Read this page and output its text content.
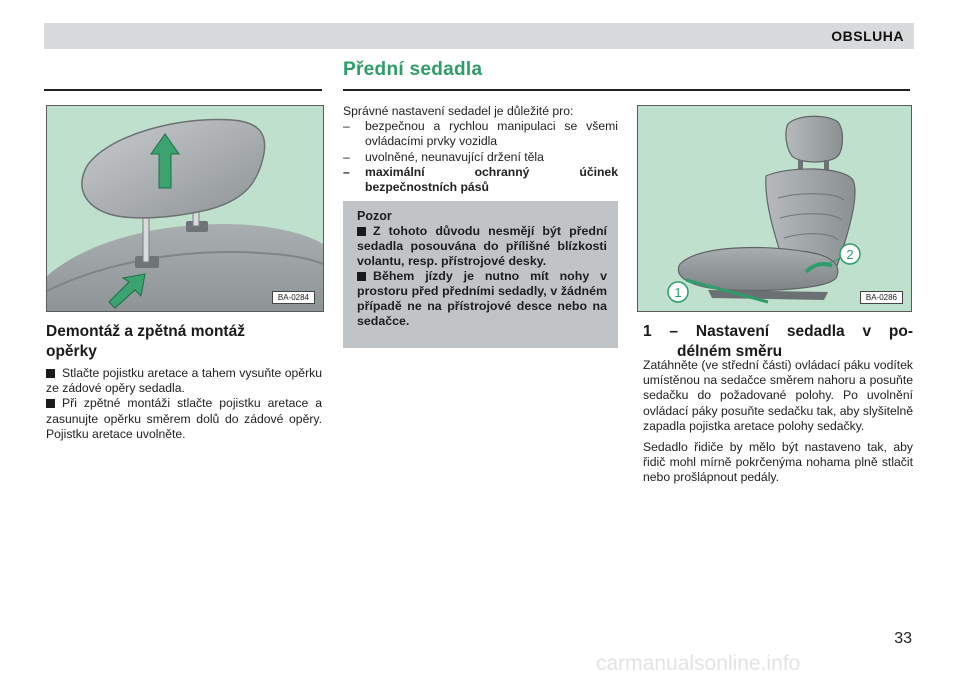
OBSLUHA
Přední sedadla
BA-0284
Demontáž a zpětná montáž
opěrky

Stlačte pojistku aretace a tahem vysuňte opěrku ze zádové opěry sedadla.

Při zpětné montáži stlačte pojistku aretace a zasunujte opěrku směrem dolů do zádové opěry. Pojistku aretace uvolněte.

Správné nastavení sedadel je důležité pro:

– bezpečnou a rychlou manipulaci se všemi ovládacími prvky vozidla
– uvolněné, neunavující držení těla
– maximální ochranný účinek bezpečnostních pásů
Pozor
Z tohoto důvodu nesmějí být přední sedadla posouvána do přílišné blízkosti volantu, resp. přístrojové desky.
Během jízdy je nutno mít nohy v prostoru před předními sedadly, v žádném případě ne na přístrojové desce nebo na sedačce.
1
2
BA-0286
1 – Nastavení sedadla v po-
délném směru

Zatáhněte (ve střední části) ovládací páku vodítek umístěnou na sedačce směrem nahoru a posuňte sedačku do požadované polohy. Po uvolnění ovládací páky posuňte sedačku tak, aby slyšitelně zapadla pojistka aretace polohy sedačky.

Sedadlo řidiče by mělo být nastaveno tak, aby řidič mohl mírně pokrčenýma nohama plně stlačit nebo prošlápnout pedály.

33
carmanualsonline.info
